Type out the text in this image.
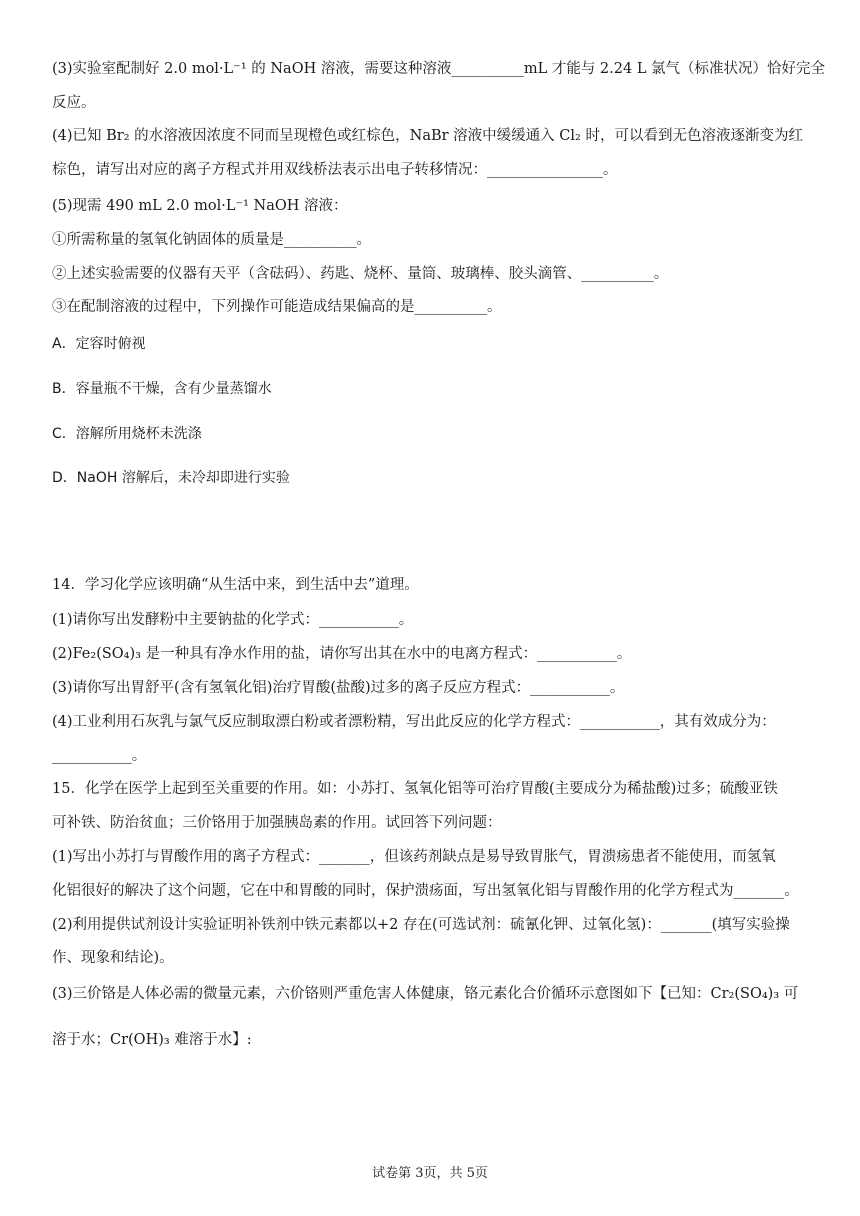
(3)实验室配制好 2.0 mol·L⁻¹ 的 NaOH 溶液，需要这种溶液__________mL 才能与 2.24 L 氯气（标准状况）恰好完全
反应。
(4)已知 Br₂ 的水溶液因浓度不同而呈现橙色或红棕色，NaBr 溶液中缓缓通入 Cl₂ 时，可以看到无色溶液逐渐变为红
棕色，请写出对应的离子方程式并用双线桥法表示出电子转移情况：________________。
(5)现需 490 mL 2.0 mol·L⁻¹ NaOH 溶液：
①所需称量的氢氧化钠固体的质量是__________。
②上述实验需要的仪器有天平（含砝码）、药匙、烧杯、量筒、玻璃棒、胶头滴管、__________。
③在配制溶液的过程中，下列操作可能造成结果偏高的是__________。
A．定容时俯视
B．容量瓶不干燥，含有少量蒸馏水
C．溶解所用烧杯未洗涤
D．NaOH 溶解后，未冷却即进行实验
14．学习化学应该明确“从生活中来，到生活中去”道理。
(1)请你写出发酵粉中主要钠盐的化学式：___________。
(2)Fe₂(SO₄)₃ 是一种具有净水作用的盐，请你写出其在水中的电离方程式：___________。
(3)请你写出胃舒平(含有氢氧化铝)治疗胃酸(盐酸)过多的离子反应方程式：___________。
(4)工业利用石灰乳与氯气反应制取漂白粉或者漂粉精，写出此反应的化学方程式：___________，其有效成分为：
___________。
15．化学在医学上起到至关重要的作用。如：小苏打、氢氧化铝等可治疗胃酸(主要成分为稀盐酸)过多；硫酸亚铁
可补铁、防治贫血；三价铬用于加强胰岛素的作用。试回答下列问题：
(1)写出小苏打与胃酸作用的离子方程式：_______，但该药剂缺点是易导致胃胀气，胃溃疡患者不能使用，而氢氧
化铝很好的解决了这个问题，它在中和胃酸的同时，保护溃疡面，写出氢氧化铝与胃酸作用的化学方程式为_______。
(2)利用提供试剂设计实验证明补铁剂中铁元素都以+2 存在(可选试剂：硫氰化钾、过氧化氢)：_______(填写实验操
作、现象和结论)。
(3)三价铬是人体必需的微量元素，六价铬则严重危害人体健康，铬元素化合价循环示意图如下【已知：Cr₂(SO₄)₃ 可
溶于水；Cr(OH)₃ 难溶于水】:
试卷第 3页，共 5页
